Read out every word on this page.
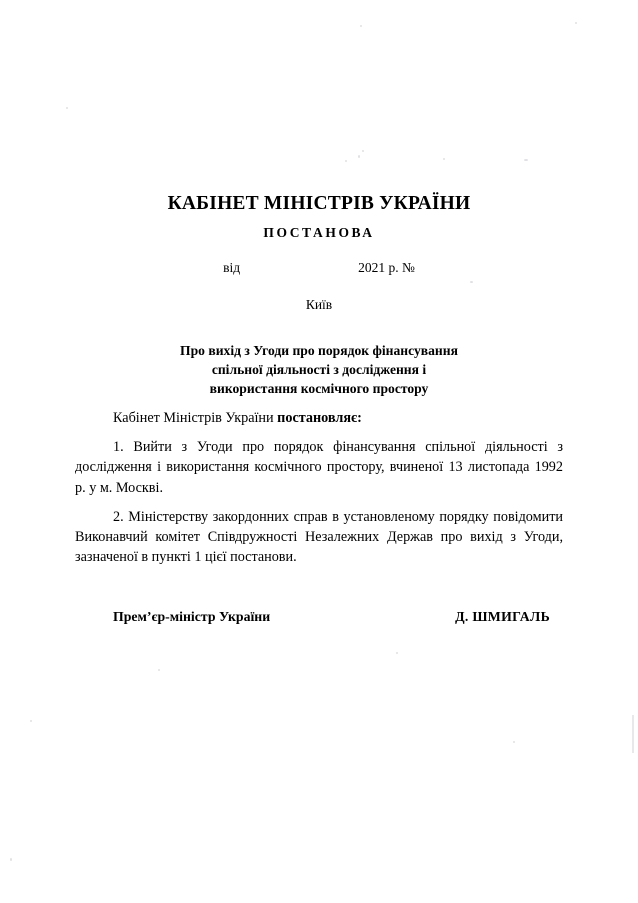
КАБІНЕТ МІНІСТРІВ УКРАЇНИ
ПОСТАНОВА
від	2021 р. №
Київ
Про вихід з Угоди про порядок фінансування
спільної діяльності з дослідження і
використання космічного простору

Кабінет Міністрів України постановляє:

1. Вийти з Угоди про порядок фінансування спільної діяльності з дослідження і використання космічного простору, вчиненої 13 листопада 1992 р. у м. Москві.

2. Міністерству закордонних справ в установленому порядку повідомити Виконавчий комітет Співдружності Незалежних Держав про вихід з Угоди, зазначеної в пункті 1 цієї постанови.

Прем’єр-міністр України	Д. ШМИГАЛЬ
